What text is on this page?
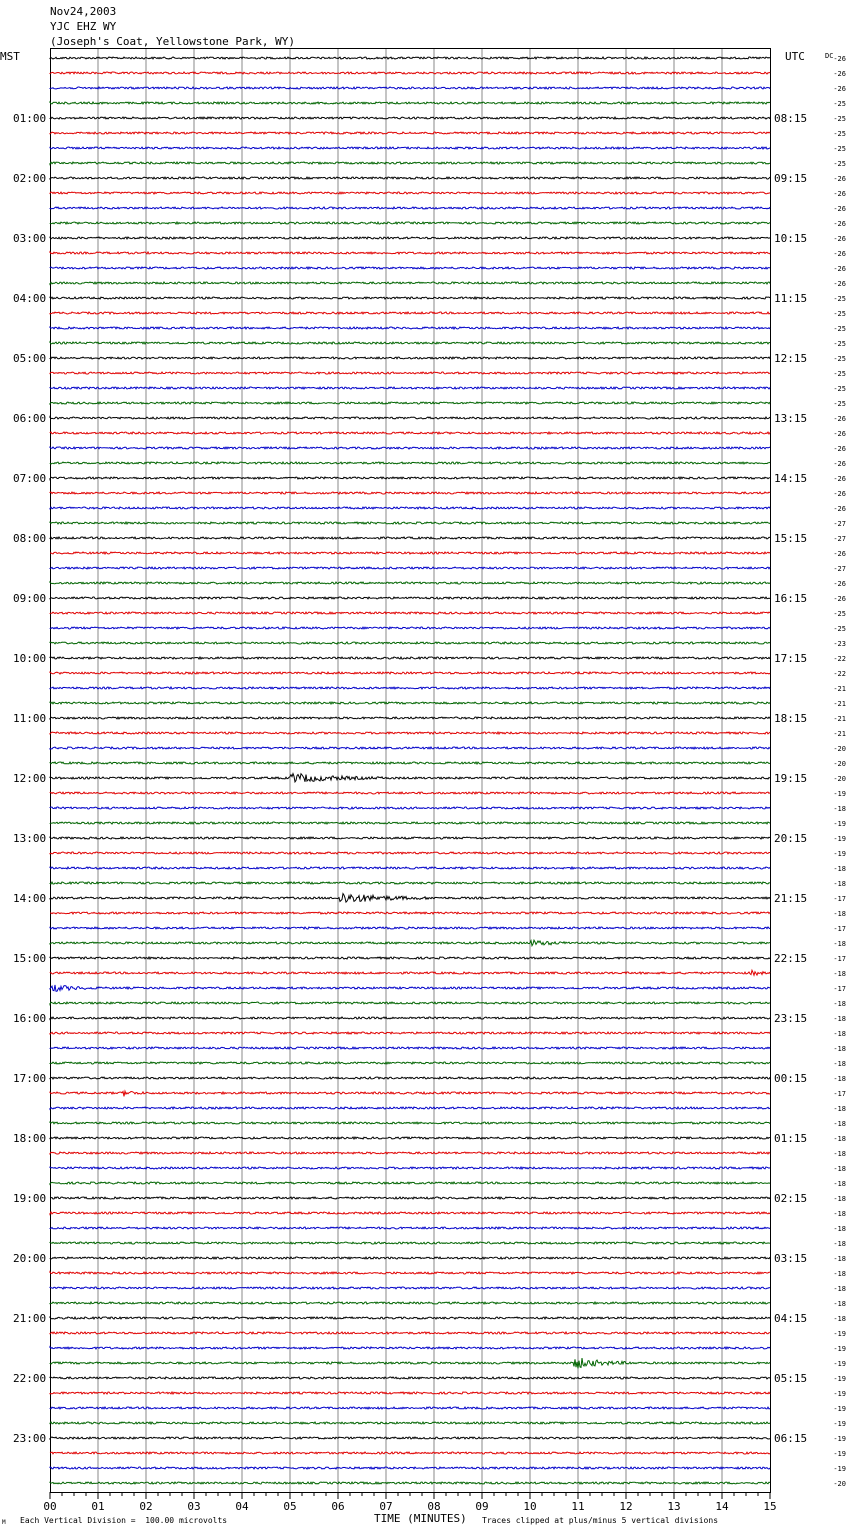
Nov24,2003
YJC EHZ WY
(Joseph's Coat, Yellowstone Park, WY)
MST	UTC	DC -26
-26
-26
-25
-25
-25
-25
-25
-26
-26
-26
-26
-26
-26
-26
-26
-25
-25
-25
-25
-25
-25
-25
-25
-26
-26
-26
-26
-26
-26
-26
-27
-27
-26
-27
-26
-26
-25
-25
-23
-22
-22
-21
-21
-21
-21
-20
-20
-20
-19
-18
-19
-19
-19
-18
-18
-17
-18
-17
-18
-17
-18
-17
-18
-18
-18
-18
-18
-18
-17
-18
-18
-18
-18
-18
-18
-18
-18
-18
-18
-18
-18
-18
-18
-18
-19
-19
-19
-19
-19
-19
-19
-19
-19
-19
-20
01:00	08:15
02:00	09:15
03:00	10:15
04:00	11:15
05:00	12:15
06:00	13:15
07:00	14:15
08:00	15:15
09:00	16:15
10:00	17:15
11:00	18:15
12:00	19:15
13:00	20:15
14:00	21:15
15:00	22:15
16:00	23:15
17:00	00:15
18:00	01:15
19:00	02:15
20:00	03:15
21:00	04:15
22:00	05:15
23:00	06:15
00	01	02	03	04	05	06	07	08	09	10	11	12	13	14	15
Each Vertical Division =  100.00 microvolts	TIME (MINUTES) Traces clipped at plus/minus 5 vertical divisions
M
